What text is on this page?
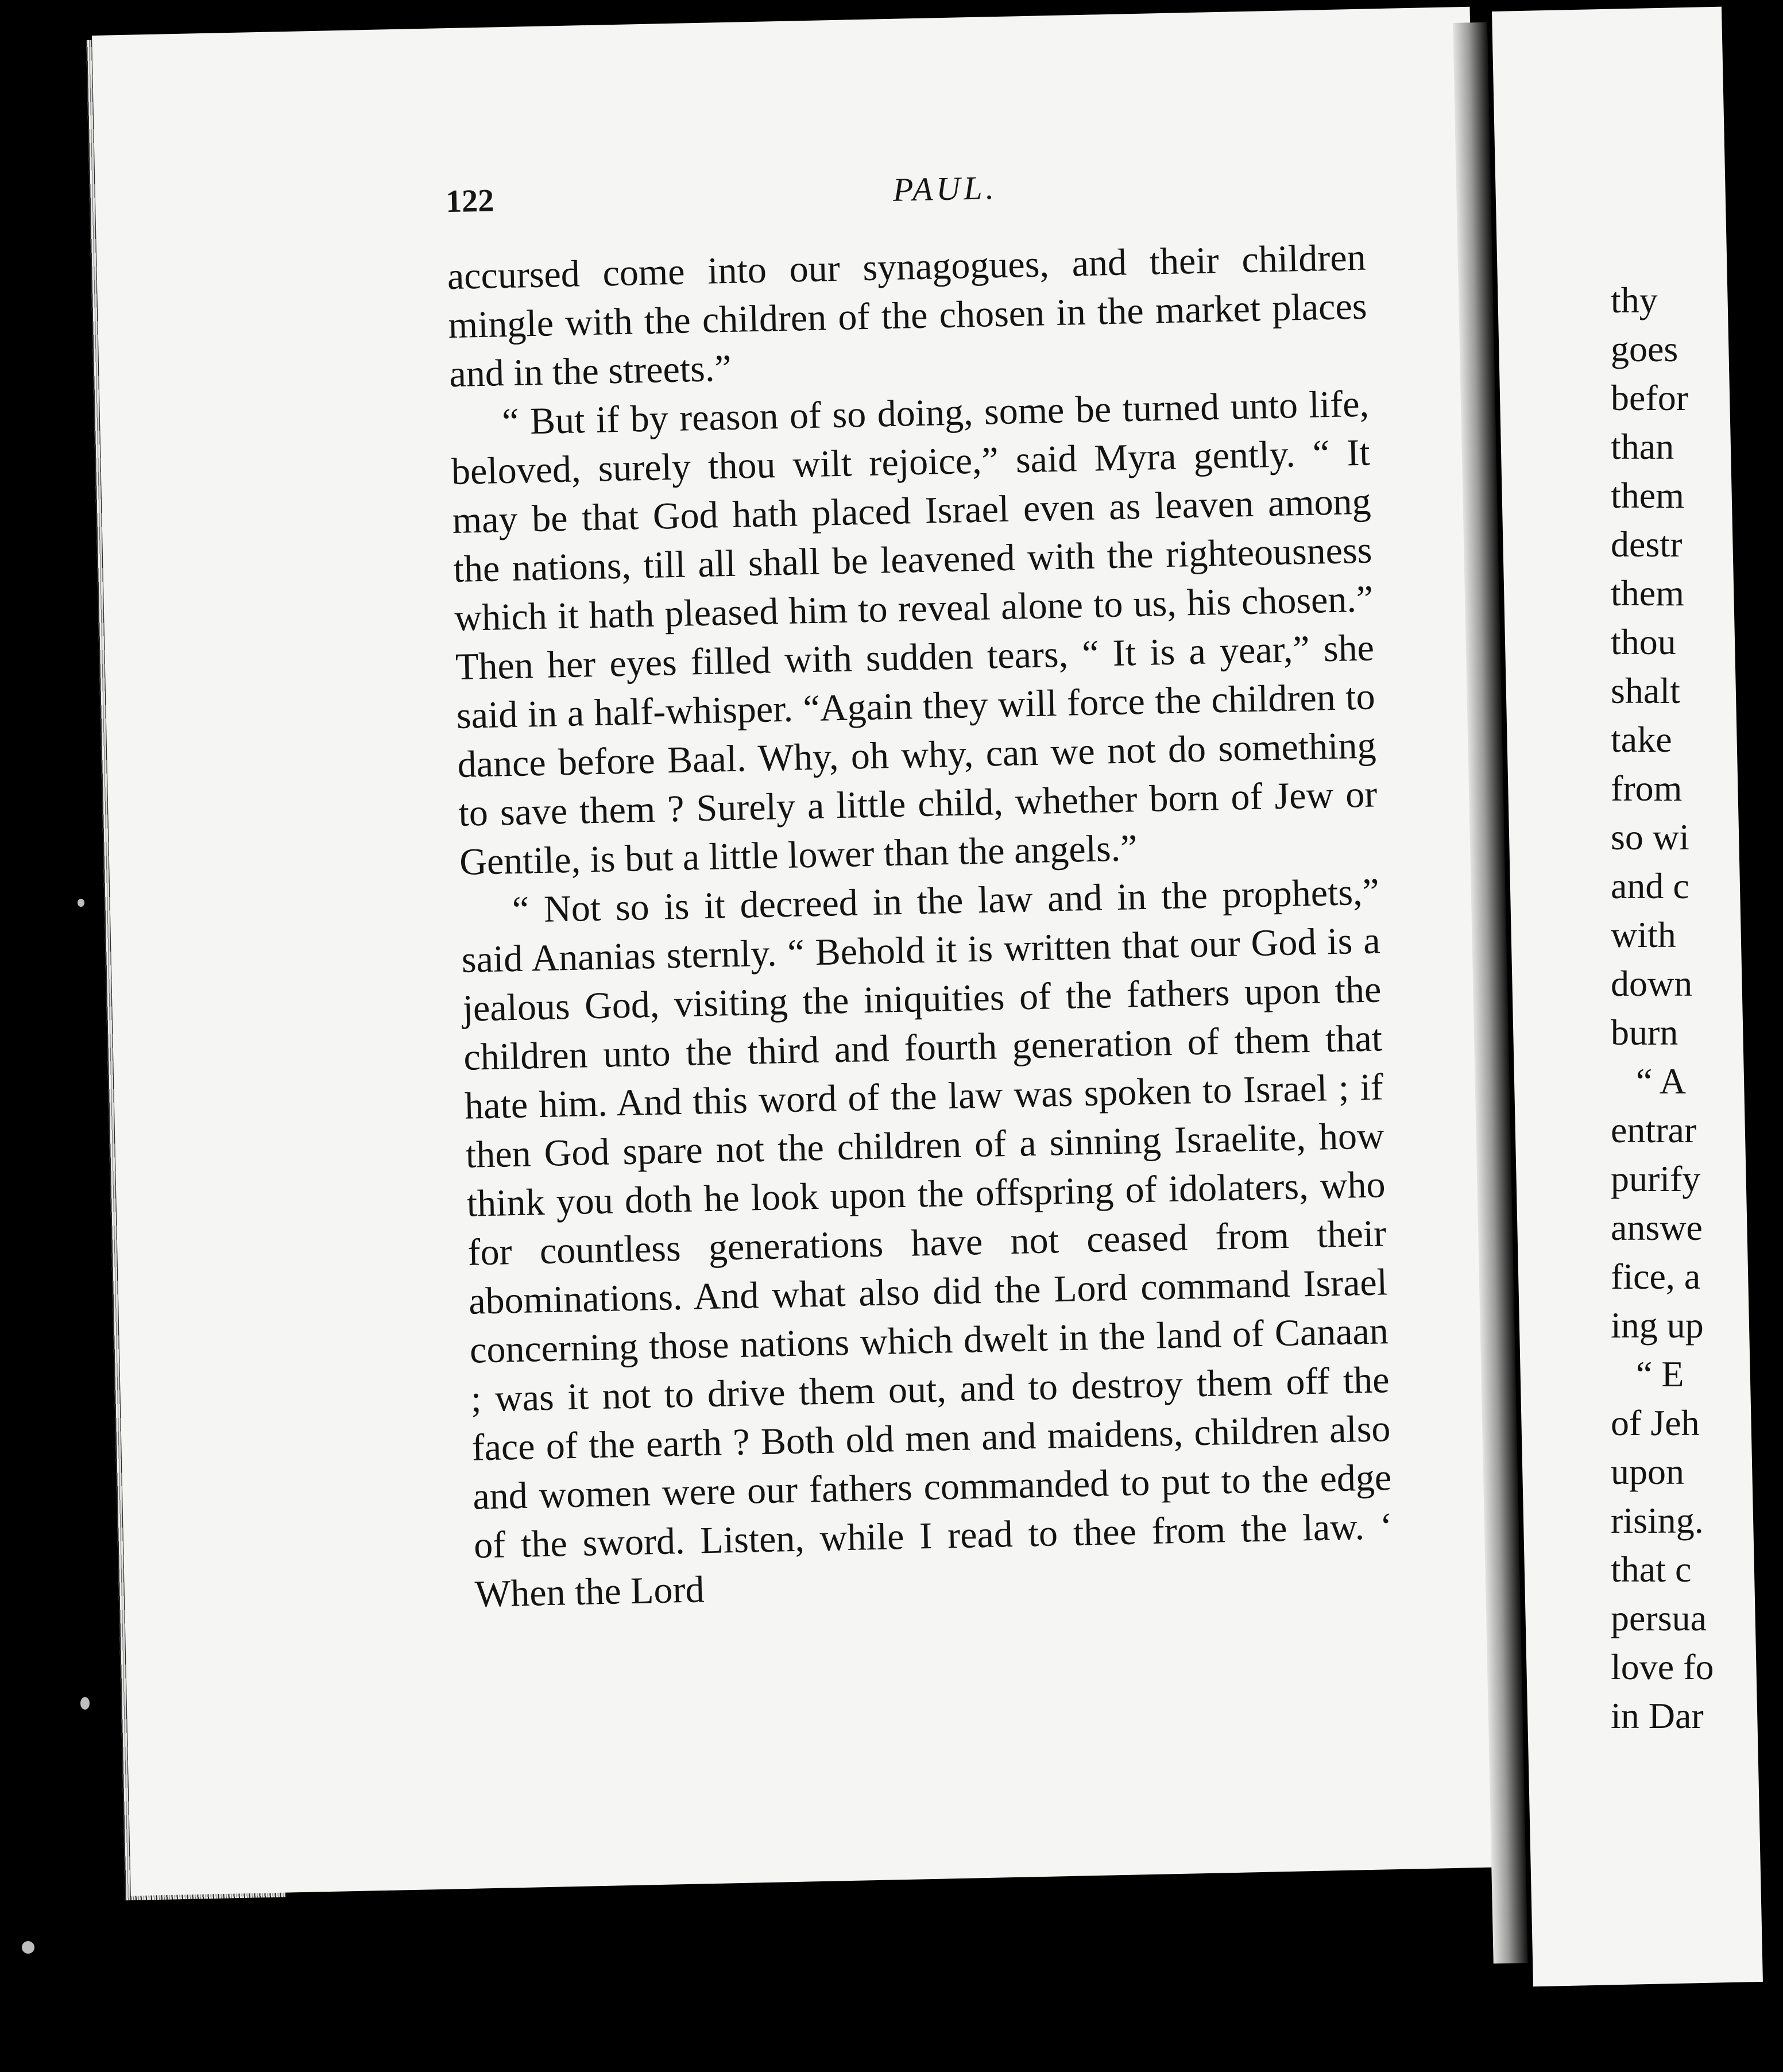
122	PAUL.

accursed come into our synagogues, and their children mingle with the children of the chosen in the market places and in the streets.”

“ But if by reason of so doing, some be turned unto life, beloved, surely thou wilt rejoice,” said Myra gently. “ It may be that God hath placed Israel even as leaven among the nations, till all shall be leavened with the righteousness which it hath pleased him to reveal alone to us, his chosen.” Then her eyes filled with sudden tears, “ It is a year,” she said in a half-whisper. “Again they will force the children to dance before Baal. Why, oh why, can we not do something to save them ? Surely a little child, whether born of Jew or Gentile, is but a little lower than the angels.”

“ Not so is it decreed in the law and in the prophets,” said Ananias sternly. “ Behold it is written that our God is a jealous God, visiting the iniquities of the fathers upon the children unto the third and fourth generation of them that hate him. And this word of the law was spoken to Israel ; if then God spare not the children of a sinning Israelite, how think you doth he look upon the offspring of idolaters, who for countless generations have not ceased from their abominations. And what also did the Lord command Israel concerning those nations which dwelt in the land of Canaan ; was it not to drive them out, and to destroy them off the face of the earth ? Both old men and maidens, children also and women were our fathers commanded to put to the edge of the sword. Listen, while I read to thee from the law. ‘ When the Lord

thy
goes
befor
than
them
destr
them
thou
shalt
take
from
so wi
and c
with
down
burn
“ A
entrar
purify
answe
fice, a
ing up
“ E
of Jeh
upon
rising.
that c
persua
love fo
in Dar
